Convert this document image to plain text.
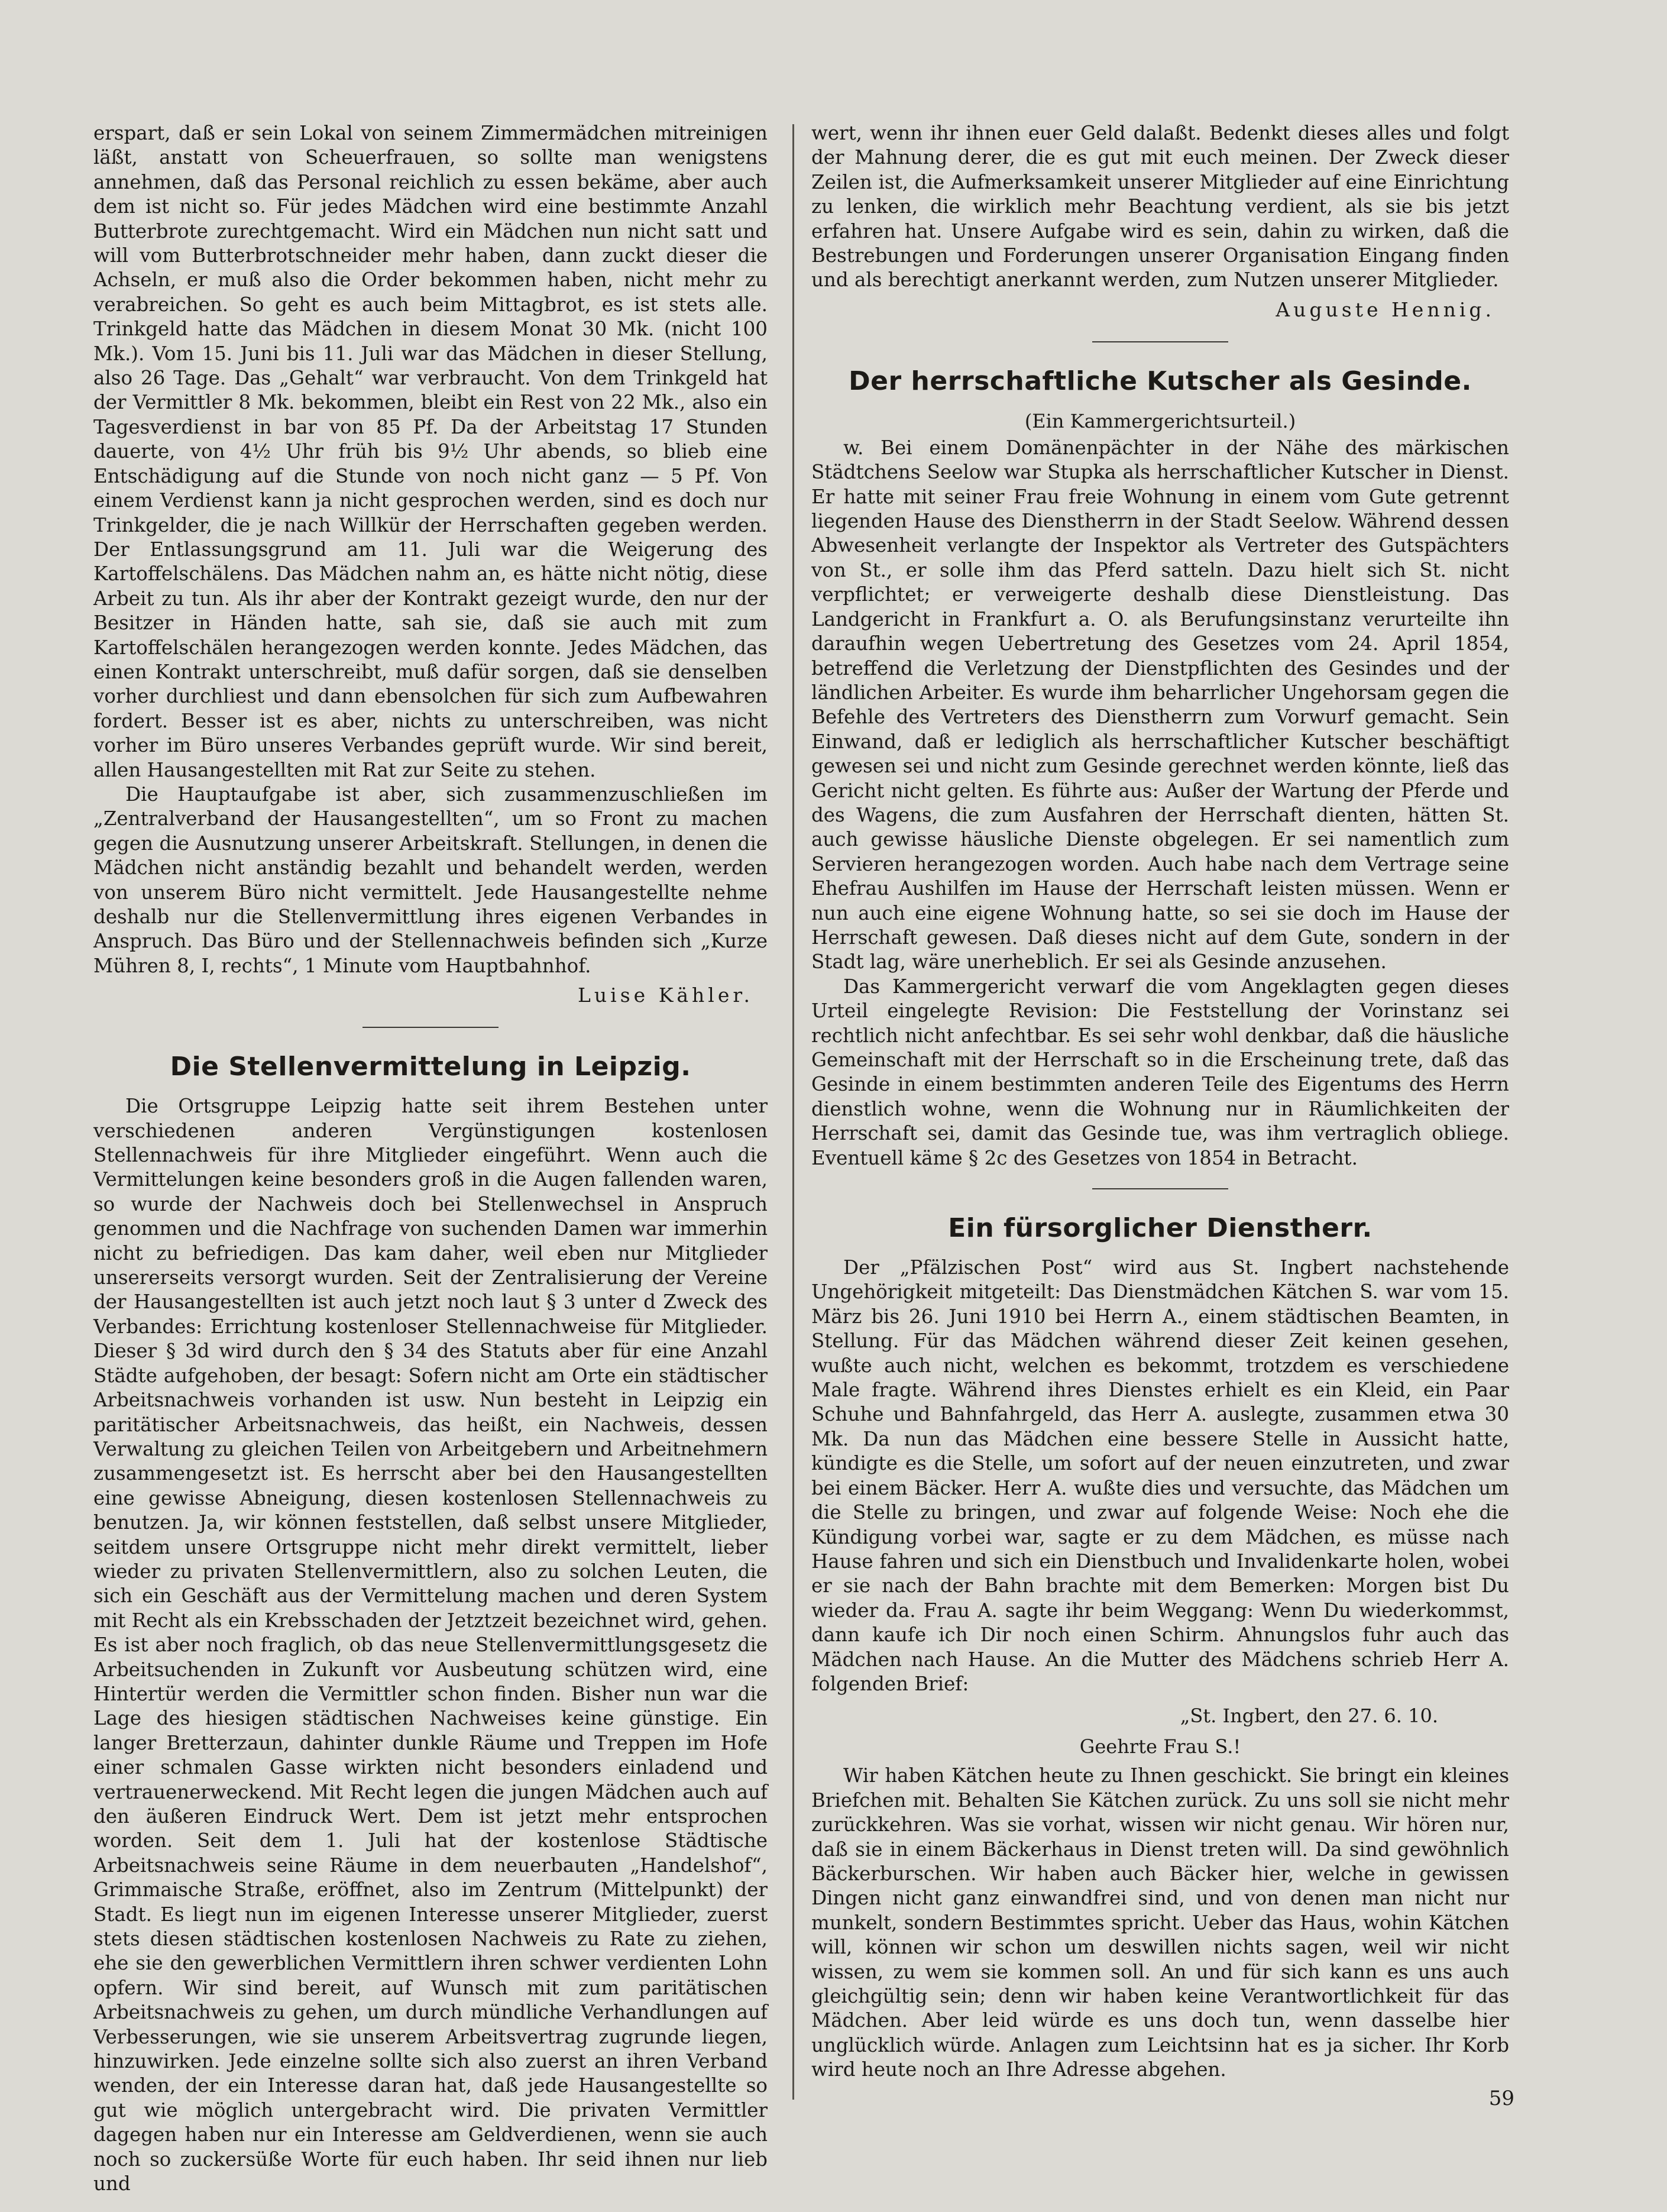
erspart, daß er sein Lokal von seinem Zimmermädchen mitreinigen läßt, anstatt von Scheuerfrauen, so sollte man wenigstens annehmen, daß das Personal reichlich zu essen bekäme, aber auch dem ist nicht so. Für jedes Mädchen wird eine bestimmte Anzahl Butterbrote zurechtgemacht. Wird ein Mädchen nun nicht satt und will vom Butterbrotschneider mehr haben, dann zuckt dieser die Achseln, er muß also die Order bekommen haben, nicht mehr zu verabreichen. So geht es auch beim Mittagbrot, es ist stets alle. Trinkgeld hatte das Mädchen in diesem Monat 30 Mk. (nicht 100 Mk.). Vom 15. Juni bis 11. Juli war das Mädchen in dieser Stellung, also 26 Tage. Das „Gehalt“ war verbraucht. Von dem Trinkgeld hat der Vermittler 8 Mk. bekommen, bleibt ein Rest von 22 Mk., also ein Tagesverdienst in bar von 85 Pf. Da der Arbeitstag 17 Stunden dauerte, von 4½ Uhr früh bis 9½ Uhr abends, so blieb eine Entschädigung auf die Stunde von noch nicht ganz — 5 Pf. Von einem Verdienst kann ja nicht gesprochen werden, sind es doch nur Trinkgelder, die je nach Willkür der Herrschaften gegeben werden. Der Entlassungsgrund am 11. Juli war die Weigerung des Kartoffelschälens. Das Mädchen nahm an, es hätte nicht nötig, diese Arbeit zu tun. Als ihr aber der Kontrakt gezeigt wurde, den nur der Besitzer in Händen hatte, sah sie, daß sie auch mit zum Kartoffelschälen herangezogen werden konnte. Jedes Mädchen, das einen Kontrakt unterschreibt, muß dafür sorgen, daß sie denselben vorher durchliest und dann ebensolchen für sich zum Aufbewahren fordert. Besser ist es aber, nichts zu unterschreiben, was nicht vorher im Büro unseres Verbandes geprüft wurde. Wir sind bereit, allen Hausangestellten mit Rat zur Seite zu stehen.

Die Hauptaufgabe ist aber, sich zusammenzuschließen im „Zentralverband der Hausangestellten“, um so Front zu machen gegen die Ausnutzung unserer Arbeitskraft. Stellungen, in denen die Mädchen nicht anständig bezahlt und behandelt werden, werden von unserem Büro nicht vermittelt. Jede Hausangestellte nehme deshalb nur die Stellenvermittlung ihres eigenen Verbandes in Anspruch. Das Büro und der Stellennachweis befinden sich „Kurze Mühren 8, I, rechts“, 1 Minute vom Hauptbahnhof.

Luise Kähler.
Die Stellenvermittelung in Leipzig.

Die Ortsgruppe Leipzig hatte seit ihrem Bestehen unter verschiedenen anderen Vergünstigungen kostenlosen Stellennachweis für ihre Mitglieder eingeführt. Wenn auch die Vermittelungen keine besonders groß in die Augen fallenden waren, so wurde der Nachweis doch bei Stellenwechsel in Anspruch genommen und die Nachfrage von suchenden Damen war immerhin nicht zu befriedigen. Das kam daher, weil eben nur Mitglieder unsererseits versorgt wurden. Seit der Zentralisierung der Vereine der Hausangestellten ist auch jetzt noch laut § 3 unter d Zweck des Verbandes: Errichtung kostenloser Stellennachweise für Mitglieder. Dieser § 3d wird durch den § 34 des Statuts aber für eine Anzahl Städte aufgehoben, der besagt: Sofern nicht am Orte ein städtischer Arbeitsnachweis vorhanden ist usw. Nun besteht in Leipzig ein paritätischer Arbeitsnachweis, das heißt, ein Nachweis, dessen Verwaltung zu gleichen Teilen von Arbeitgebern und Arbeitnehmern zusammengesetzt ist. Es herrscht aber bei den Hausangestellten eine gewisse Abneigung, diesen kostenlosen Stellennachweis zu benutzen. Ja, wir können feststellen, daß selbst unsere Mitglieder, seitdem unsere Ortsgruppe nicht mehr direkt vermittelt, lieber wieder zu privaten Stellenvermittlern, also zu solchen Leuten, die sich ein Geschäft aus der Vermittelung machen und deren System mit Recht als ein Krebsschaden der Jetztzeit bezeichnet wird, gehen. Es ist aber noch fraglich, ob das neue Stellenvermittlungsgesetz die Arbeitsuchenden in Zukunft vor Ausbeutung schützen wird, eine Hintertür werden die Vermittler schon finden. Bisher nun war die Lage des hiesigen städtischen Nachweises keine günstige. Ein langer Bretterzaun, dahinter dunkle Räume und Treppen im Hofe einer schmalen Gasse wirkten nicht besonders einladend und vertrauenerweckend. Mit Recht legen die jungen Mädchen auch auf den äußeren Eindruck Wert. Dem ist jetzt mehr entsprochen worden. Seit dem 1. Juli hat der kostenlose Städtische Arbeitsnachweis seine Räume in dem neuerbauten „Handelshof“, Grimmaische Straße, eröffnet, also im Zentrum (Mittelpunkt) der Stadt. Es liegt nun im eigenen Interesse unserer Mitglieder, zuerst stets diesen städtischen kostenlosen Nachweis zu Rate zu ziehen, ehe sie den gewerblichen Vermittlern ihren schwer verdienten Lohn opfern. Wir sind bereit, auf Wunsch mit zum paritätischen Arbeitsnachweis zu gehen, um durch mündliche Verhandlungen auf Verbesserungen, wie sie unserem Arbeitsvertrag zugrunde liegen, hinzuwirken. Jede einzelne sollte sich also zuerst an ihren Verband wenden, der ein Interesse daran hat, daß jede Hausangestellte so gut wie möglich untergebracht wird. Die privaten Vermittler dagegen haben nur ein Interesse am Geldverdienen, wenn sie auch noch so zuckersüße Worte für euch haben. Ihr seid ihnen nur lieb und

wert, wenn ihr ihnen euer Geld dalaßt. Bedenkt dieses alles und folgt der Mahnung derer, die es gut mit euch meinen. Der Zweck dieser Zeilen ist, die Aufmerksamkeit unserer Mitglieder auf eine Einrichtung zu lenken, die wirklich mehr Beachtung verdient, als sie bis jetzt erfahren hat. Unsere Aufgabe wird es sein, dahin zu wirken, daß die Bestrebungen und Forderungen unserer Organisation Eingang finden und als berechtigt anerkannt werden, zum Nutzen unserer Mitglieder.

Auguste Hennig.
Der herrschaftliche Kutscher als Gesinde.
(Ein Kammergerichtsurteil.)

w. Bei einem Domänenpächter in der Nähe des märkischen Städtchens Seelow war Stupka als herrschaftlicher Kutscher in Dienst. Er hatte mit seiner Frau freie Wohnung in einem vom Gute getrennt liegenden Hause des Dienstherrn in der Stadt Seelow. Während dessen Abwesenheit verlangte der Inspektor als Vertreter des Gutspächters von St., er solle ihm das Pferd satteln. Dazu hielt sich St. nicht verpflichtet; er verweigerte deshalb diese Dienstleistung. Das Landgericht in Frankfurt a. O. als Berufungsinstanz verurteilte ihn daraufhin wegen Uebertretung des Gesetzes vom 24. April 1854, betreffend die Verletzung der Dienstpflichten des Gesindes und der ländlichen Arbeiter. Es wurde ihm beharrlicher Ungehorsam gegen die Befehle des Vertreters des Dienstherrn zum Vorwurf gemacht. Sein Einwand, daß er lediglich als herrschaftlicher Kutscher beschäftigt gewesen sei und nicht zum Gesinde gerechnet werden könnte, ließ das Gericht nicht gelten. Es führte aus: Außer der Wartung der Pferde und des Wagens, die zum Ausfahren der Herrschaft dienten, hätten St. auch gewisse häusliche Dienste obgelegen. Er sei namentlich zum Servieren herangezogen worden. Auch habe nach dem Vertrage seine Ehefrau Aushilfen im Hause der Herrschaft leisten müssen. Wenn er nun auch eine eigene Wohnung hatte, so sei sie doch im Hause der Herrschaft gewesen. Daß dieses nicht auf dem Gute, sondern in der Stadt lag, wäre unerheblich. Er sei als Gesinde anzusehen.

Das Kammergericht verwarf die vom Angeklagten gegen dieses Urteil eingelegte Revision: Die Feststellung der Vorinstanz sei rechtlich nicht anfechtbar. Es sei sehr wohl denkbar, daß die häusliche Gemeinschaft mit der Herrschaft so in die Erscheinung trete, daß das Gesinde in einem bestimmten anderen Teile des Eigentums des Herrn dienstlich wohne, wenn die Wohnung nur in Räumlichkeiten der Herrschaft sei, damit das Gesinde tue, was ihm vertraglich obliege. Eventuell käme § 2c des Gesetzes von 1854 in Betracht.

Ein fürsorglicher Dienstherr.

Der „Pfälzischen Post“ wird aus St. Ingbert nachstehende Ungehörigkeit mitgeteilt: Das Dienstmädchen Kätchen S. war vom 15. März bis 26. Juni 1910 bei Herrn A., einem städtischen Beamten, in Stellung. Für das Mädchen während dieser Zeit keinen gesehen, wußte auch nicht, welchen es bekommt, trotzdem es verschiedene Male fragte. Während ihres Dienstes erhielt es ein Kleid, ein Paar Schuhe und Bahnfahrgeld, das Herr A. auslegte, zusammen etwa 30 Mk. Da nun das Mädchen eine bessere Stelle in Aussicht hatte, kündigte es die Stelle, um sofort auf der neuen einzutreten, und zwar bei einem Bäcker. Herr A. wußte dies und versuchte, das Mädchen um die Stelle zu bringen, und zwar auf folgende Weise: Noch ehe die Kündigung vorbei war, sagte er zu dem Mädchen, es müsse nach Hause fahren und sich ein Dienstbuch und Invalidenkarte holen, wobei er sie nach der Bahn brachte mit dem Bemerken: Morgen bist Du wieder da. Frau A. sagte ihr beim Weggang: Wenn Du wiederkommst, dann kaufe ich Dir noch einen Schirm. Ahnungslos fuhr auch das Mädchen nach Hause. An die Mutter des Mädchens schrieb Herr A. folgenden Brief:

„St. Ingbert, den 27. 6. 10.
Geehrte Frau S.!

Wir haben Kätchen heute zu Ihnen geschickt. Sie bringt ein kleines Briefchen mit. Behalten Sie Kätchen zurück. Zu uns soll sie nicht mehr zurückkehren. Was sie vorhat, wissen wir nicht genau. Wir hören nur, daß sie in einem Bäckerhaus in Dienst treten will. Da sind gewöhnlich Bäckerburschen. Wir haben auch Bäcker hier, welche in gewissen Dingen nicht ganz einwandfrei sind, und von denen man nicht nur munkelt, sondern Bestimmtes spricht. Ueber das Haus, wohin Kätchen will, können wir schon um deswillen nichts sagen, weil wir nicht wissen, zu wem sie kommen soll. An und für sich kann es uns auch gleichgültig sein; denn wir haben keine Verantwortlichkeit für das Mädchen. Aber leid würde es uns doch tun, wenn dasselbe hier unglücklich würde. Anlagen zum Leichtsinn hat es ja sicher. Ihr Korb wird heute noch an Ihre Adresse abgehen.

59
